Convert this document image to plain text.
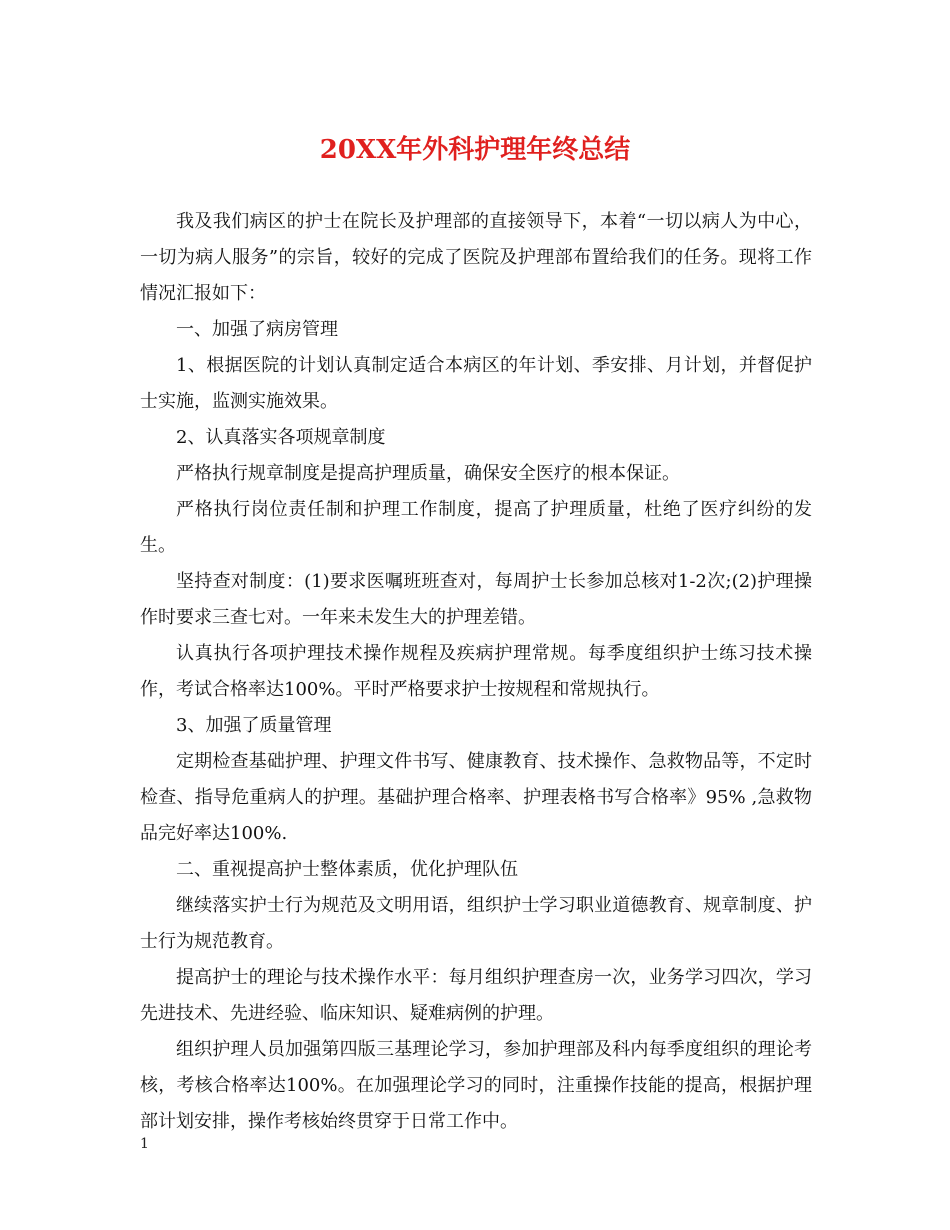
20XX年外科护理年终总结

我及我们病区的护士在院长及护理部的直接领导下，本着“一切以病人为中心，一切为病人服务”的宗旨，较好的完成了医院及护理部布置给我们的任务。现将工作情况汇报如下：

一、加强了病房管理

1、根据医院的计划认真制定适合本病区的年计划、季安排、月计划，并督促护士实施，监测实施效果。

2、认真落实各项规章制度

严格执行规章制度是提高护理质量，确保安全医疗的根本保证。

严格执行岗位责任制和护理工作制度，提高了护理质量，杜绝了医疗纠纷的发生。

坚持查对制度：(1)要求医嘱班班查对，每周护士长参加总核对1-2次;(2)护理操作时要求三查七对。一年来未发生大的护理差错。

认真执行各项护理技术操作规程及疾病护理常规。每季度组织护士练习技术操作，考试合格率达100%。平时严格要求护士按规程和常规执行。

3、加强了质量管理

定期检查基础护理、护理文件书写、健康教育、技术操作、急救物品等，不定时检查、指导危重病人的护理。基础护理合格率、护理表格书写合格率》95% ,急救物品完好率达100%.

二、重视提高护士整体素质，优化护理队伍

继续落实护士行为规范及文明用语，组织护士学习职业道德教育、规章制度、护士行为规范教育。

提高护士的理论与技术操作水平：每月组织护理查房一次，业务学习四次，学习先进技术、先进经验、临床知识、疑难病例的护理。

组织护理人员加强第四版三基理论学习，参加护理部及科内每季度组织的理论考核，考核合格率达100%。在加强理论学习的同时，注重操作技能的提高，根据护理部计划安排，操作考核始终贯穿于日常工作中。

1
